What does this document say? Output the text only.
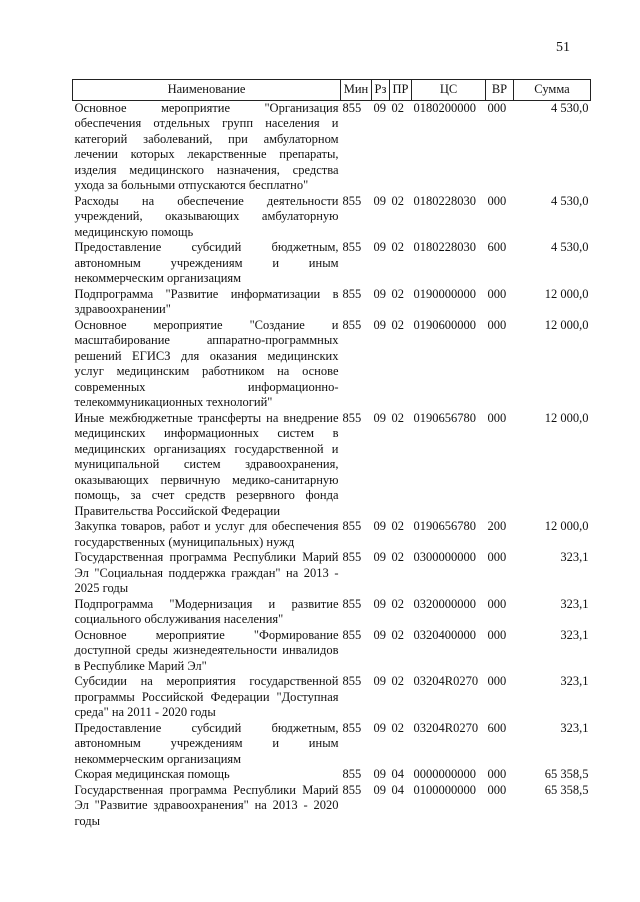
51
Наименование	Мин	Рз	ПР	ЦС	ВР	Сумма
Основное мероприятие "Организация обеспечения отдельных групп населения и категорий заболеваний, при амбулаторном лечении которых лекарственные препараты, изделия медицинского назначения, средства ухода за больными отпускаются бесплатно"	855	09	02	0180200000	000	4 530,0
Расходы на обеспечение деятельности учреждений, оказывающих амбулаторную медицинскую помощь	855	09	02	0180228030	000	4 530,0
Предоставление субсидий бюджетным, автономным учреждениям и иным некоммерческим организациям	855	09	02	0180228030	600	4 530,0
Подпрограмма "Развитие информатизации в здравоохранении"	855	09	02	0190000000	000	12 000,0
Основное мероприятие "Создание и масштабирование аппаратно-программных решений ЕГИСЗ для оказания медицинских услуг медицинским работником на основе современных информационно-телекоммуникационных технологий"	855	09	02	0190600000	000	12 000,0
Иные межбюджетные трансферты на внедрение медицинских информационных систем в медицинских организациях государственной и муниципальной систем здравоохранения, оказывающих первичную медико-санитарную помощь, за счет средств резервного фонда Правительства Российской Федерации	855	09	02	0190656780	000	12 000,0
Закупка товаров, работ и услуг для обеспечения государственных (муниципальных) нужд	855	09	02	0190656780	200	12 000,0
Государственная программа Республики Марий Эл "Социальная поддержка граждан" на 2013 - 2025 годы	855	09	02	0300000000	000	323,1
Подпрограмма "Модернизация и развитие социального обслуживания населения"	855	09	02	0320000000	000	323,1
Основное мероприятие "Формирование доступной среды жизнедеятельности инвалидов в Республике Марий Эл"	855	09	02	0320400000	000	323,1
Субсидии на мероприятия государственной программы Российской Федерации "Доступная среда" на 2011 - 2020 годы	855	09	02	03204R0270	000	323,1
Предоставление субсидий бюджетным, автономным учреждениям и иным некоммерческим организациям	855	09	02	03204R0270	600	323,1
Скорая медицинская помощь	855	09	04	0000000000	000	65 358,5
Государственная программа Республики Марий Эл "Развитие здравоохранения" на 2013 - 2020 годы	855	09	04	0100000000	000	65 358,5
